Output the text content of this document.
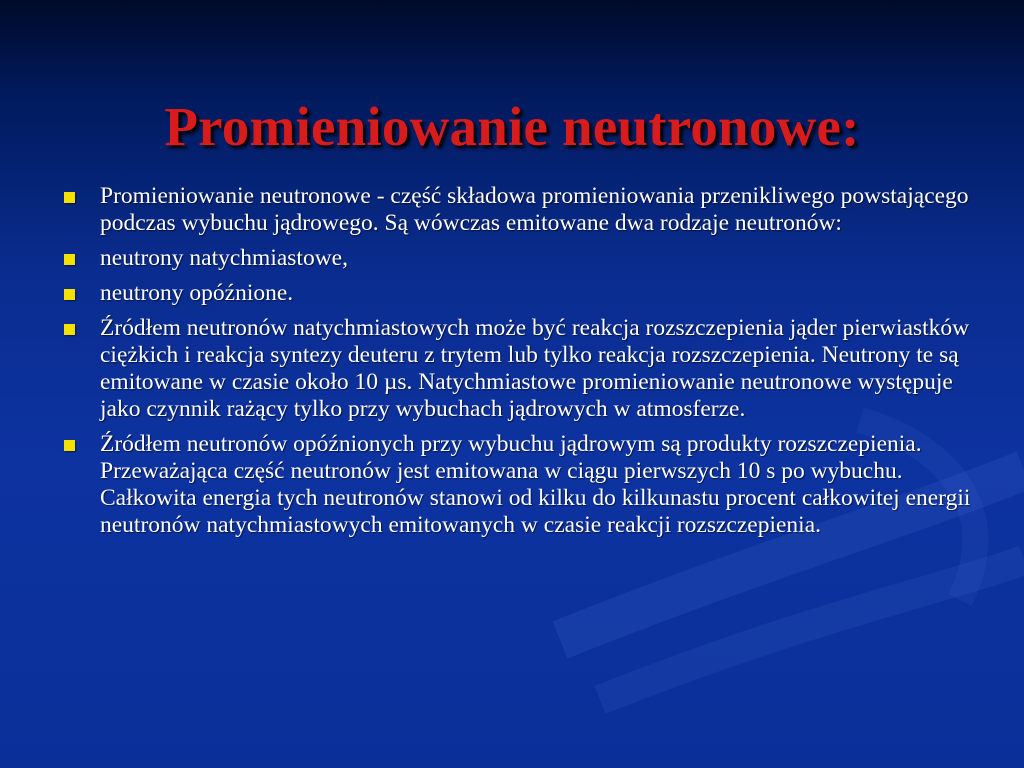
Promieniowanie neutronowe:
Promieniowanie neutronowe - część składowa promieniowania przenikliwego powstającego podczas wybuchu jądrowego. Są wówczas emitowane dwa rodzaje neutronów:
neutrony natychmiastowe,
neutrony opóźnione.
Źródłem neutronów natychmiastowych może być reakcja rozszczepienia jąder pierwiastków ciężkich i reakcja syntezy deuteru z trytem lub tylko reakcja rozszczepienia. Neutrony te są emitowane w czasie około 10 µs. Natychmiastowe promieniowanie neutronowe występuje jako czynnik rażący tylko przy wybuchach jądrowych w atmosferze.
Źródłem neutronów opóźnionych przy wybuchu jądrowym są produkty rozszczepienia. Przeważająca część neutronów jest emitowana w ciągu pierwszych 10 s po wybuchu. Całkowita energia tych neutronów stanowi od kilku do kilkunastu procent całkowitej energii neutronów natychmiastowych emitowanych w czasie reakcji rozszczepienia.
